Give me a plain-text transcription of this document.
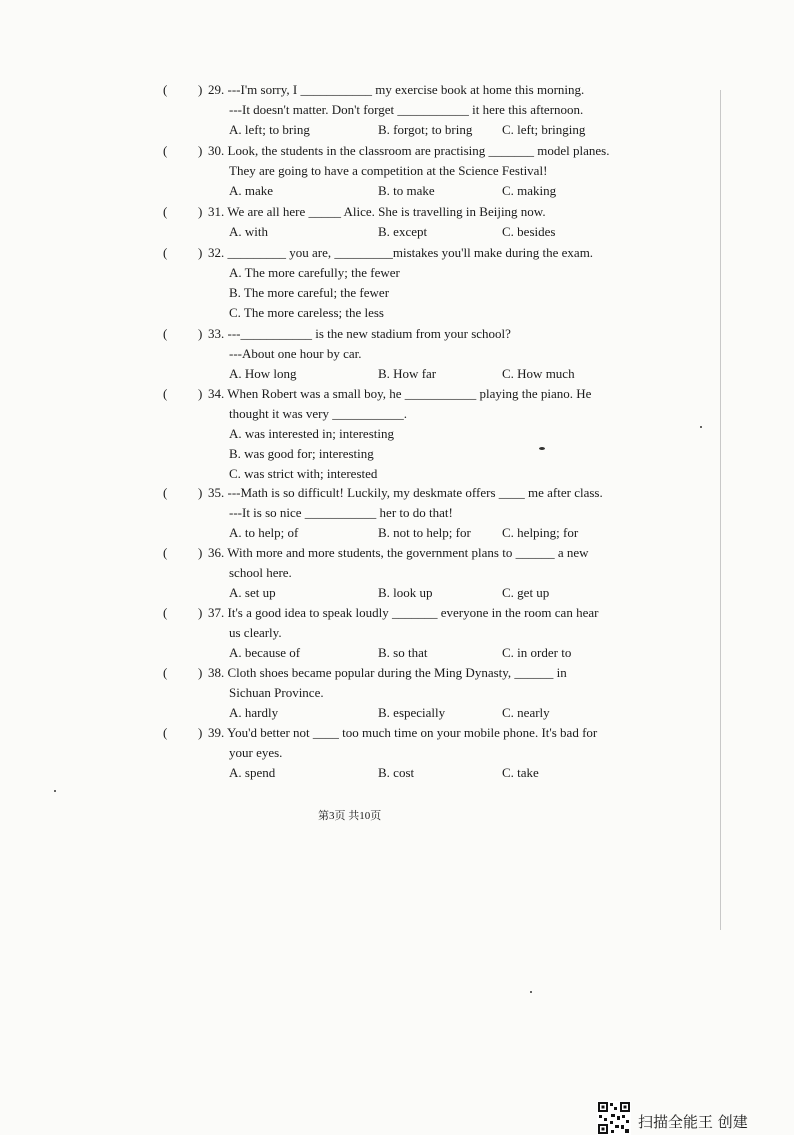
( ) 29. ---I'm sorry, I ___________ my exercise book at home this morning.
---It doesn't matter. Don't forget ___________ it here this afternoon.
A. left; to bring	B. forgot; to bring C. left; bringing
( ) 30. Look, the students in the classroom are practising _______ model planes.
They are going to have a competition at the Science Festival!
A. make	B. to make	C. making
( ) 31. We are all here _____ Alice. She is travelling in Beijing now.
A. with	B. except	C. besides
( ) 32. _________ you are, _________mistakes you'll make during the exam.
A. The more carefully; the fewer
B. The more careful; the fewer
C. The more careless; the less
( ) 33. ---___________ is the new stadium from your school?
---About one hour by car.
A. How long	B. How far	C. How much
( ) 34. When Robert was a small boy, he ___________ playing the piano. He
thought it was very ___________.
A. was interested in; interesting
B. was good for; interesting
C. was strict with; interested
( ) 35. ---Math is so difficult! Luckily, my deskmate offers ____ me after class.
---It is so nice ___________ her to do that!
A. to help; of	B. not to help; for C. helping; for
( ) 36. With more and more students, the government plans to ______ a new
school here.
A. set up	B. look up	C. get up
( ) 37. It's a good idea to speak loudly _______ everyone in the room can hear
us clearly.
A. because of	B. so that	C. in order to
( ) 38. Cloth shoes became popular during the Ming Dynasty, ______ in
Sichuan Province.
A. hardly	B. especially	C. nearly
( ) 39. You'd better not ____ too much time on your mobile phone. It's bad for
your eyes.
A. spend	B. cost	C. take
第3页 共10页
扫描全能王 创建
